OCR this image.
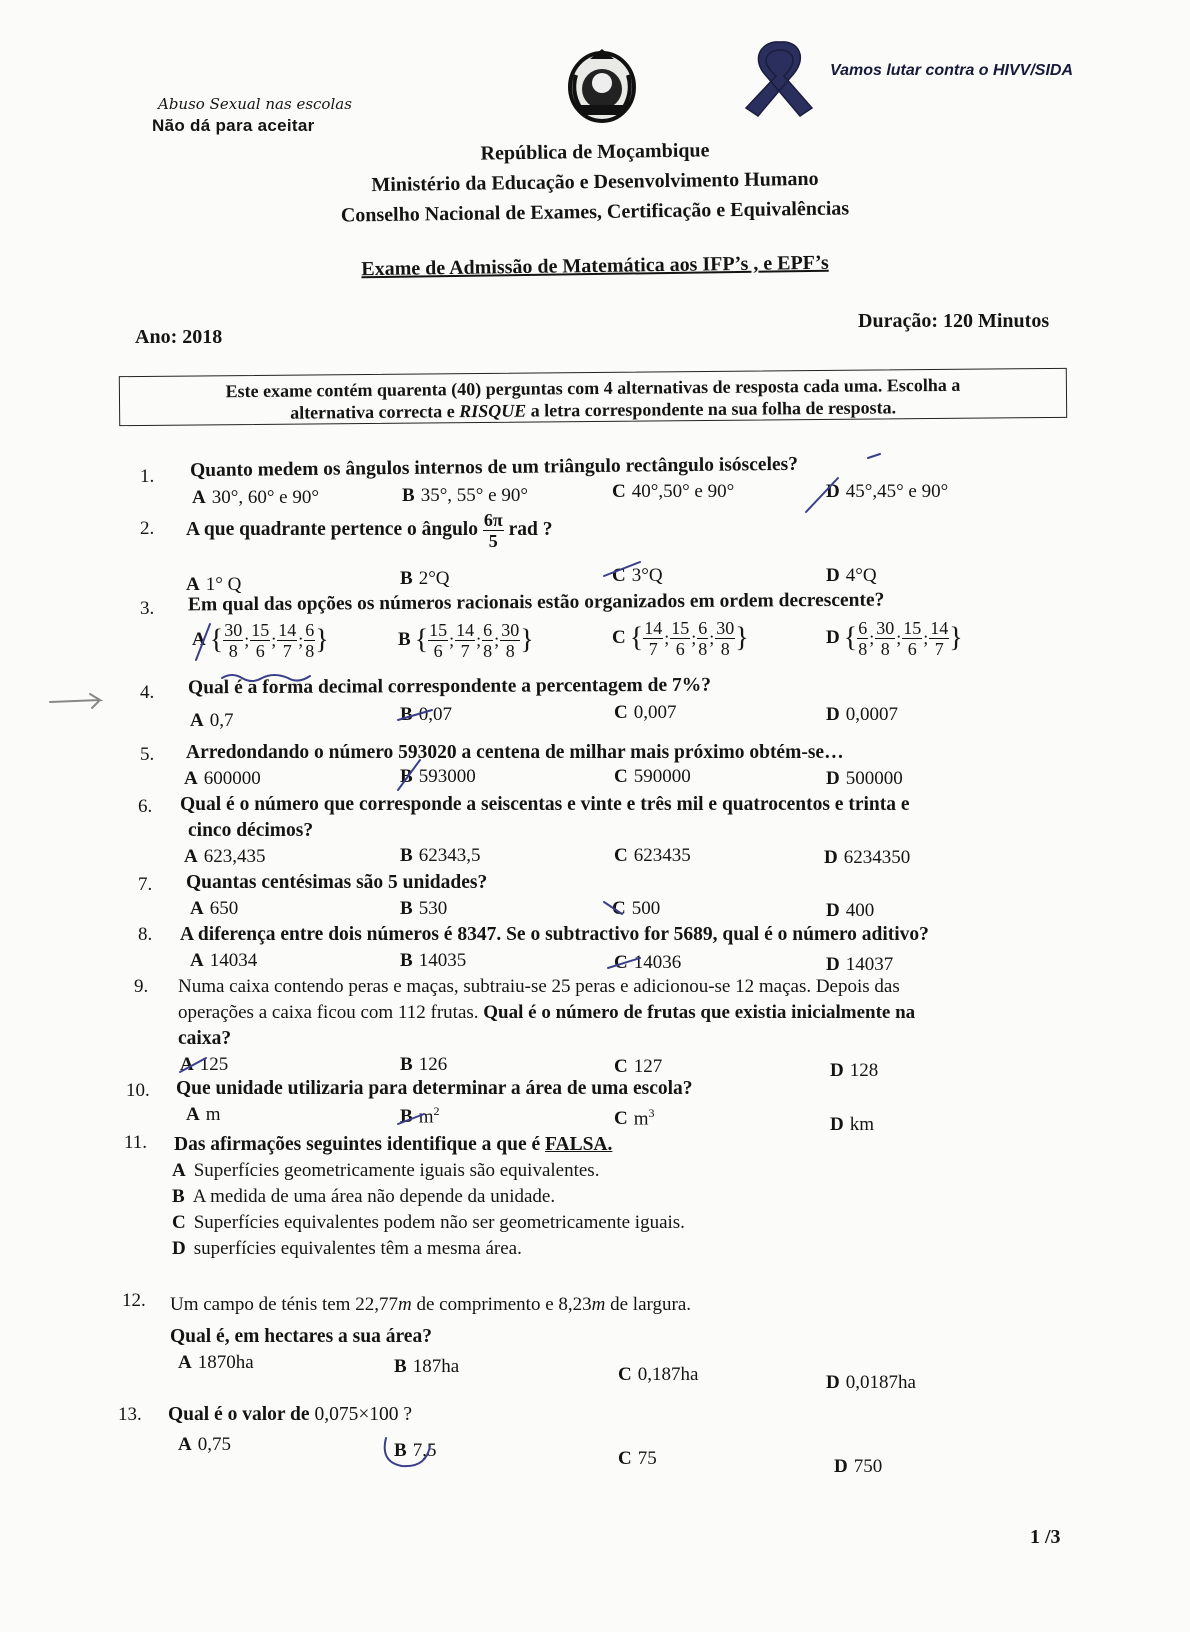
Abuso Sexual nas escolas
Não dá para aceitar
Vamos lutar contra o HIVV/SIDA
República de Moçambique
Ministério da Educação e Desenvolvimento Humano
Conselho Nacional de Exames, Certificação e Equivalências
Exame de Admissão de Matemática aos IFP’s , e EPF’s
Ano: 2018
Duração: 120 Minutos
Este exame contém quarenta (40) perguntas com 4 alternativas de resposta cada uma. Escolha a
alternativa correcta e RISQUE a letra correspondente na sua folha de resposta.
1. Quanto medem os ângulos internos de um triângulo rectângulo isósceles?
A 30°, 60° e 90°	B 35°, 55° e 90°	C 40°,50° e 90°	D 45°,45° e 90°
2. A que quadrante pertence o ângulo $\frac{6\pi}{5}$ rad ?
A 1° Q	B 2°Q	C 3°Q	D 4°Q
3. Em qual das opções os números racionais estão organizados em ordem decrescente?
A { $\frac{30}{8}$ ; $\frac{15}{6}$ ; $\frac{14}{7}$ ; $\frac{6}{8}$ }	B { $\frac{15}{6}$ ; $\frac{14}{7}$ ; $\frac{6}{8}$ ; $\frac{30}{8}$ }	C { $\frac{14}{7}$ ; $\frac{15}{6}$ ; $\frac{6}{8}$ ; $\frac{30}{8}$ }	D { $\frac{6}{8}$ ; $\frac{30}{8}$ ; $\frac{15}{6}$ ; $\frac{14}{7}$ }
4. Qual é a forma decimal correspondente a percentagem de 7%?
A 0,7	B 0,07	C 0,007	D 0,0007
5. Arredondando o número 593020 a centena de milhar mais próximo obtém-se…
A 600000	B 593000	C 590000	D 500000
6. Qual é o número que corresponde a seiscentas e vinte e três mil e quatrocentos e trinta e
cinco décimos?
A 623,435	B 62343,5	C 623435	D 6234350
7. Quantas centésimas são 5 unidades?
A 650	B 530	C 500	D 400
8. A diferença entre dois números é 8347. Se o subtractivo for 5689, qual é o número aditivo?
A 14034	B 14035	C 14036	D 14037
9. Numa caixa contendo peras e maças, subtraiu-se 25 peras e adicionou-se 12 maças. Depois das
operações a caixa ficou com 112 frutas. Qual é o número de frutas que existia inicialmente na
caixa?
A 125	B 126	C 127	D 128
10. Que unidade utilizaria para determinar a área de uma escola?
A m	B $m^2$	C $m^3$
D km
11. Das afirmações seguintes identifique a que é FALSA.
A Superfícies geometricamente iguais são equivalentes.
B A medida de uma área não depende da unidade.
C Superfícies equivalentes podem não ser geometricamente iguais.
D superfícies equivalentes têm a mesma área.
12. Um campo de ténis tem 22,77m de comprimento e 8,23m de largura.
Qual é, em hectares a sua área?
A 1870ha	B 187ha	C 0,187ha	D 0,0187ha
13. Qual é o valor de 0,075×100 ?
A 0,75	B 7,5	C 75	D 750
1 /3
